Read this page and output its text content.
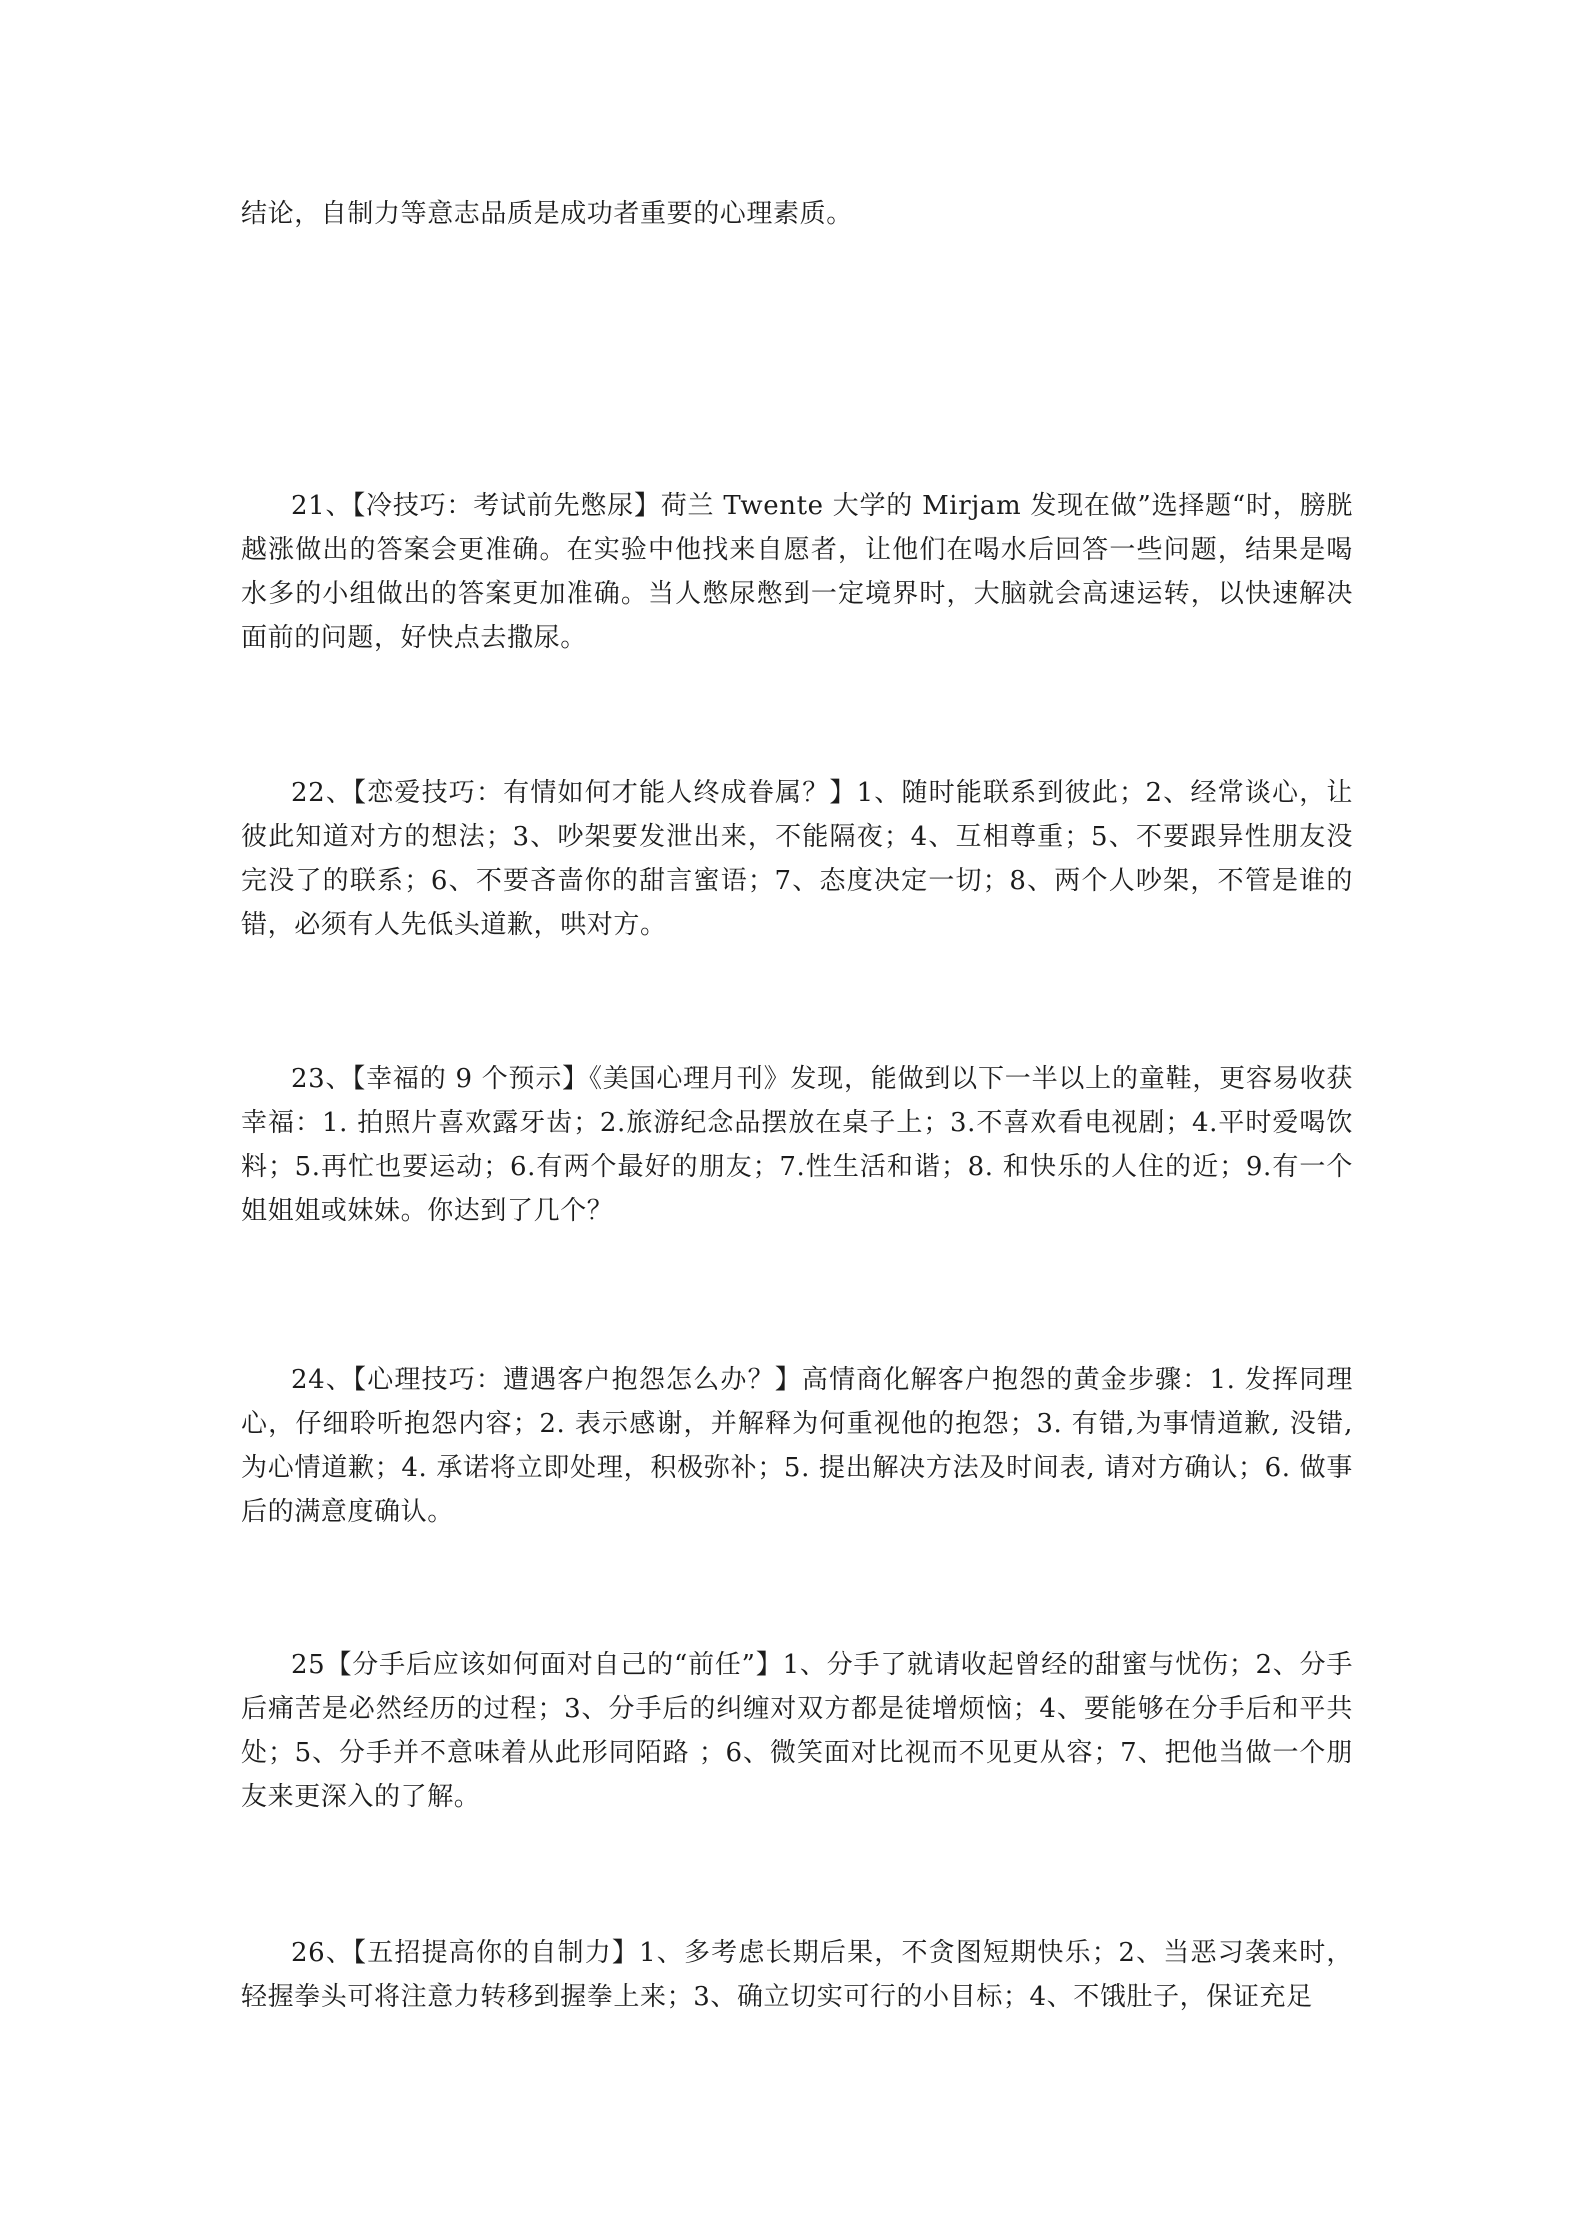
结论，自制力等意志品质是成功者重要的心理素质。

21、【冷技巧：考试前先憋尿】荷兰 Twente 大学的 Mirjam 发现在做”选择题“时，膀胱越涨做出的答案会更准确。在实验中他找来自愿者，让他们在喝水后回答一些问题，结果是喝水多的小组做出的答案更加准确。当人憋尿憋到一定境界时，大脑就会高速运转，以快速解决面前的问题，好快点去撒尿。

22、【恋爱技巧：有情如何才能人终成眷属？】1、随时能联系到彼此；2、经常谈心，让彼此知道对方的想法；3、吵架要发泄出来，不能隔夜；4、互相尊重；5、不要跟异性朋友没完没了的联系；6、不要吝啬你的甜言蜜语；7、态度决定一切；8、两个人吵架，不管是谁的错，必须有人先低头道歉，哄对方。

23、【幸福的 9 个预示】《美国心理月刊》发现，能做到以下一半以上的童鞋，更容易收获幸福：1. 拍照片喜欢露牙齿；2.旅游纪念品摆放在桌子上；3.不喜欢看电视剧；4.平时爱喝饮料；5.再忙也要运动；6.有两个最好的朋友；7.性生活和谐；8. 和快乐的人住的近；9.有一个姐姐姐或妹妹。你达到了几个？

24、【心理技巧：遭遇客户抱怨怎么办？】高情商化解客户抱怨的黄金步骤：1. 发挥同理心，仔细聆听抱怨内容；2. 表示感谢，并解释为何重视他的抱怨；3. 有错,为事情道歉, 没错,为心情道歉；4. 承诺将立即处理，积极弥补；5. 提出解决方法及时间表, 请对方确认；6. 做事后的满意度确认。

25【分手后应该如何面对自己的“前任”】1、分手了就请收起曾经的甜蜜与忧伤；2、分手后痛苦是必然经历的过程；3、分手后的纠缠对双方都是徒增烦恼；4、要能够在分手后和平共处；5、分手并不意味着从此形同陌路 ；6、微笑面对比视而不见更从容；7、把他当做一个朋友来更深入的了解。

26、【五招提高你的自制力】1、多考虑长期后果，不贪图短期快乐；2、当恶习袭来时，轻握拳头可将注意力转移到握拳上来；3、确立切实可行的小目标；4、不饿肚子，保证充足
